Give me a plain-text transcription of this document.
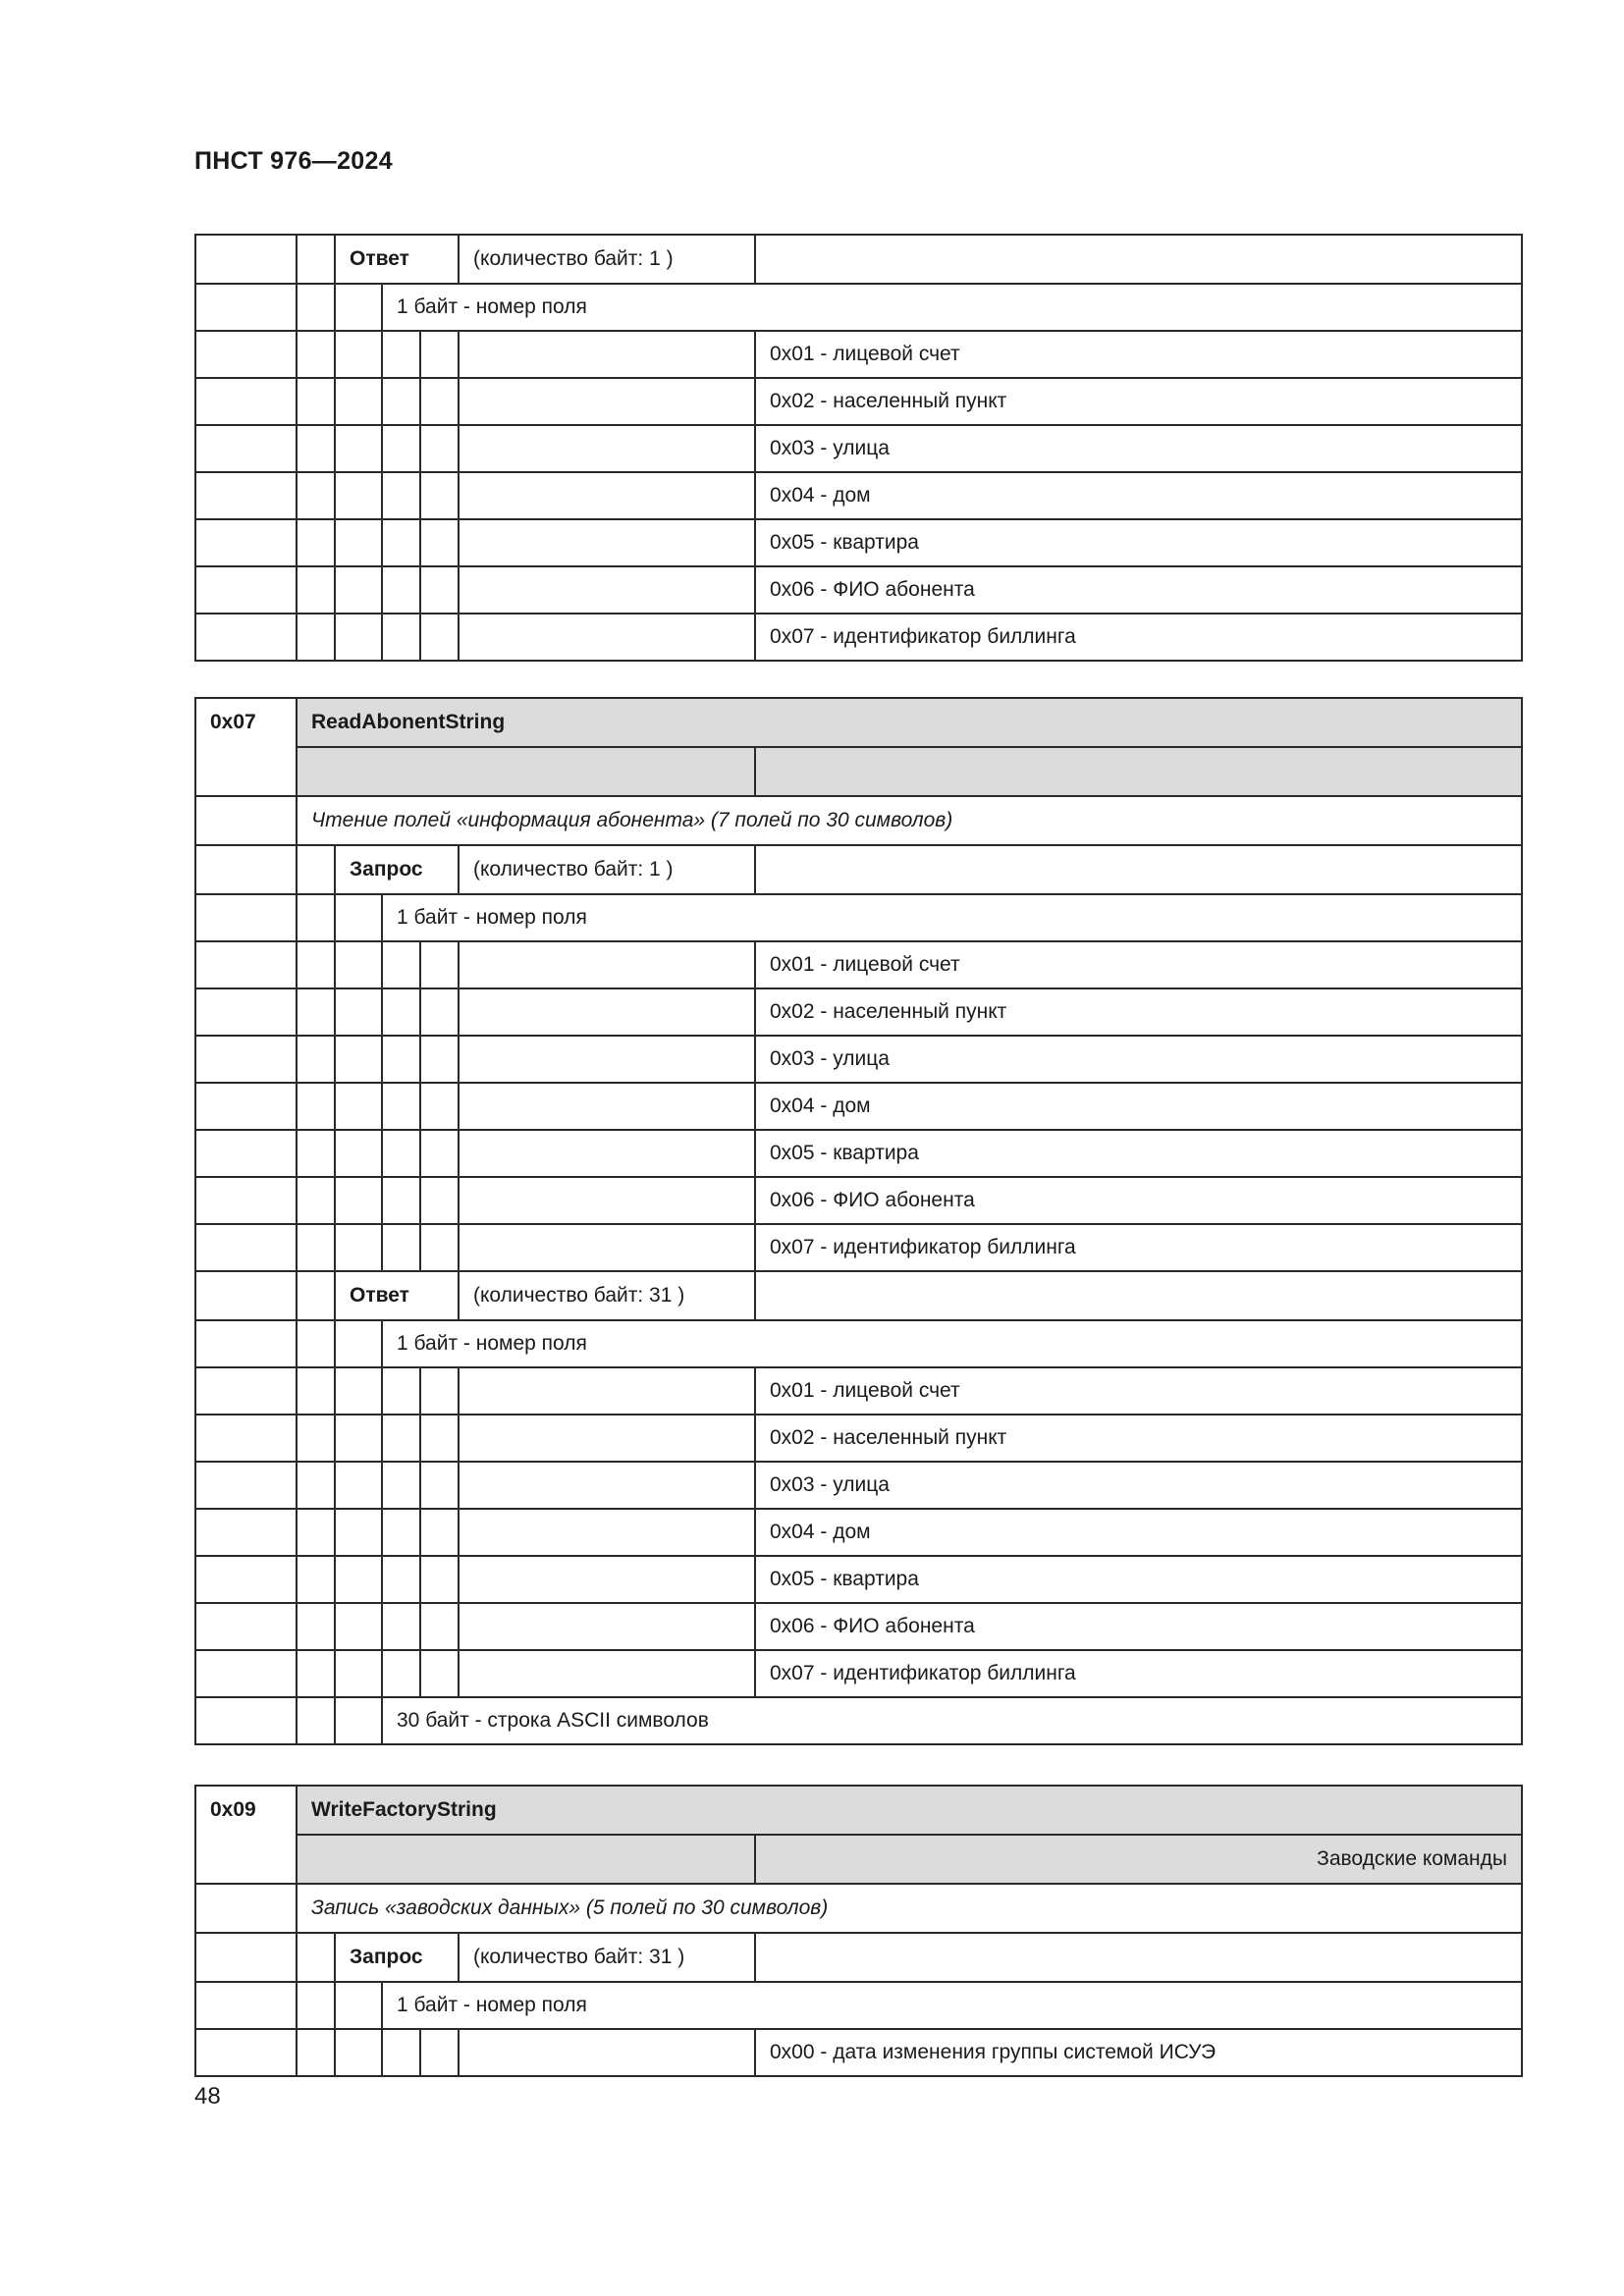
ПНСТ 976—2024
		Ответ			(количество байт: 1 )	
			1 байт - номер поля			
						0x01 - лицевой счет
						0x02 - населенный пункт
						0x03 - улица
						0x04 - дом
						0x05 - квартира
						0x06 - ФИО абонента
						0x07 - идентификатор биллинга
0x07	ReadAbonentString					

	Чтение полей «информация абонента» (7 полей по 30 символов)					
		Запрос			(количество байт: 1 )	
			1 байт - номер поля			
						0x01 - лицевой счет
						0x02 - населенный пункт
						0x03 - улица
						0x04 - дом
						0x05 - квартира
						0x06 - ФИО абонента
						0x07 - идентификатор биллинга
		Ответ			(количество байт: 31 )	
			1 байт - номер поля			
						0x01 - лицевой счет
						0x02 - населенный пункт
						0x03 - улица
						0x04 - дом
						0x05 - квартира
						0x06 - ФИО абонента
						0x07 - идентификатор биллинга
			30 байт - строка ASCII символов			
0x09	WriteFactoryString					
						Заводские команды
	Запись «заводских данных» (5 полей по 30 символов)					
		Запрос			(количество байт: 31 )	
			1 байт - номер поля			
						0x00 - дата изменения группы системой ИСУЭ
48
